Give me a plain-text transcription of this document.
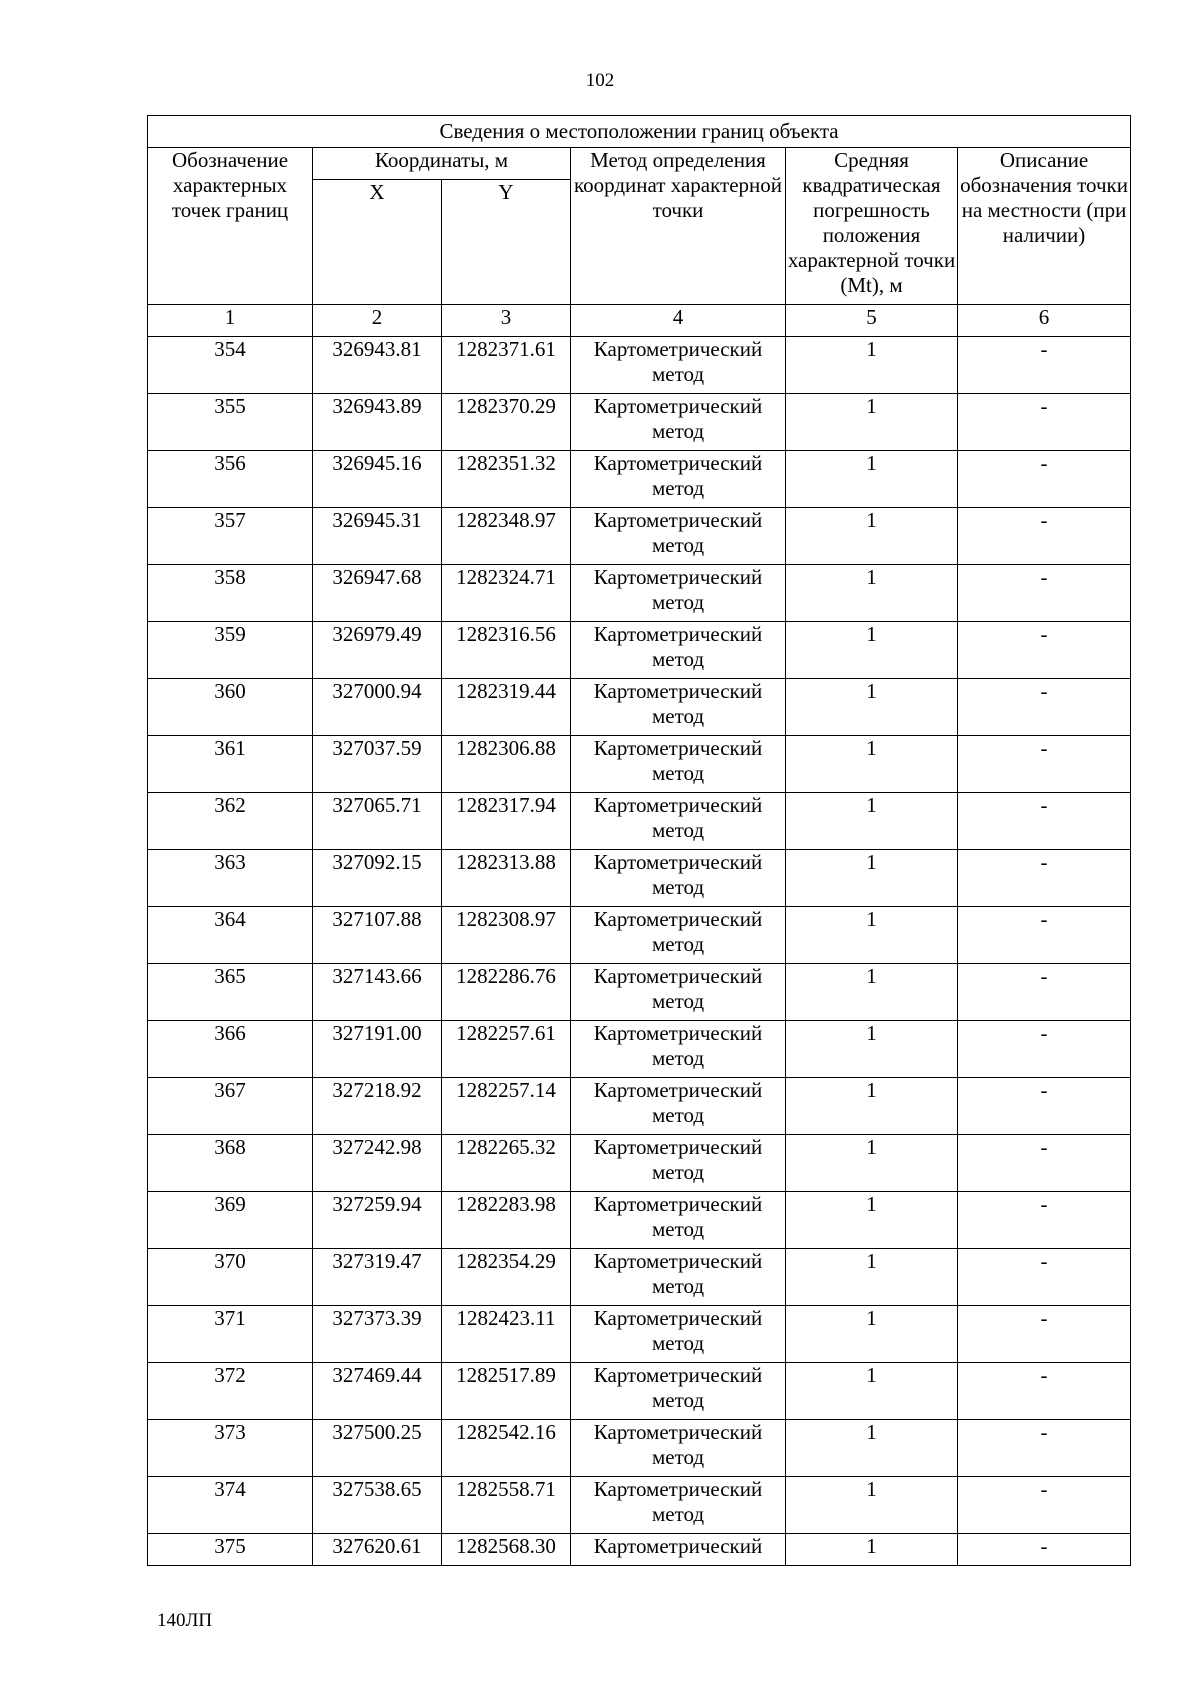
102
Сведения о местоположении границ объекта					
Обозначение характерных точек границ	Координаты, м		Метод определения координат характерной точки	Средняя квадратическая погрешность положения характерной точки (Mt), м	Описание обозначения точки на местности (при наличии)
	X	Y			
1	2	3	4	5	6
354	326943.81	1282371.61	Картометрический метод	1	-
355	326943.89	1282370.29	Картометрический метод	1	-
356	326945.16	1282351.32	Картометрический метод	1	-
357	326945.31	1282348.97	Картометрический метод	1	-
358	326947.68	1282324.71	Картометрический метод	1	-
359	326979.49	1282316.56	Картометрический метод	1	-
360	327000.94	1282319.44	Картометрический метод	1	-
361	327037.59	1282306.88	Картометрический метод	1	-
362	327065.71	1282317.94	Картометрический метод	1	-
363	327092.15	1282313.88	Картометрический метод	1	-
364	327107.88	1282308.97	Картометрический метод	1	-
365	327143.66	1282286.76	Картометрический метод	1	-
366	327191.00	1282257.61	Картометрический метод	1	-
367	327218.92	1282257.14	Картометрический метод	1	-
368	327242.98	1282265.32	Картометрический метод	1	-
369	327259.94	1282283.98	Картометрический метод	1	-
370	327319.47	1282354.29	Картометрический метод	1	-
371	327373.39	1282423.11	Картометрический метод	1	-
372	327469.44	1282517.89	Картометрический метод	1	-
373	327500.25	1282542.16	Картометрический метод	1	-
374	327538.65	1282558.71	Картометрический метод	1	-
375	327620.61	1282568.30	Картометрический	1	-
140ЛП
